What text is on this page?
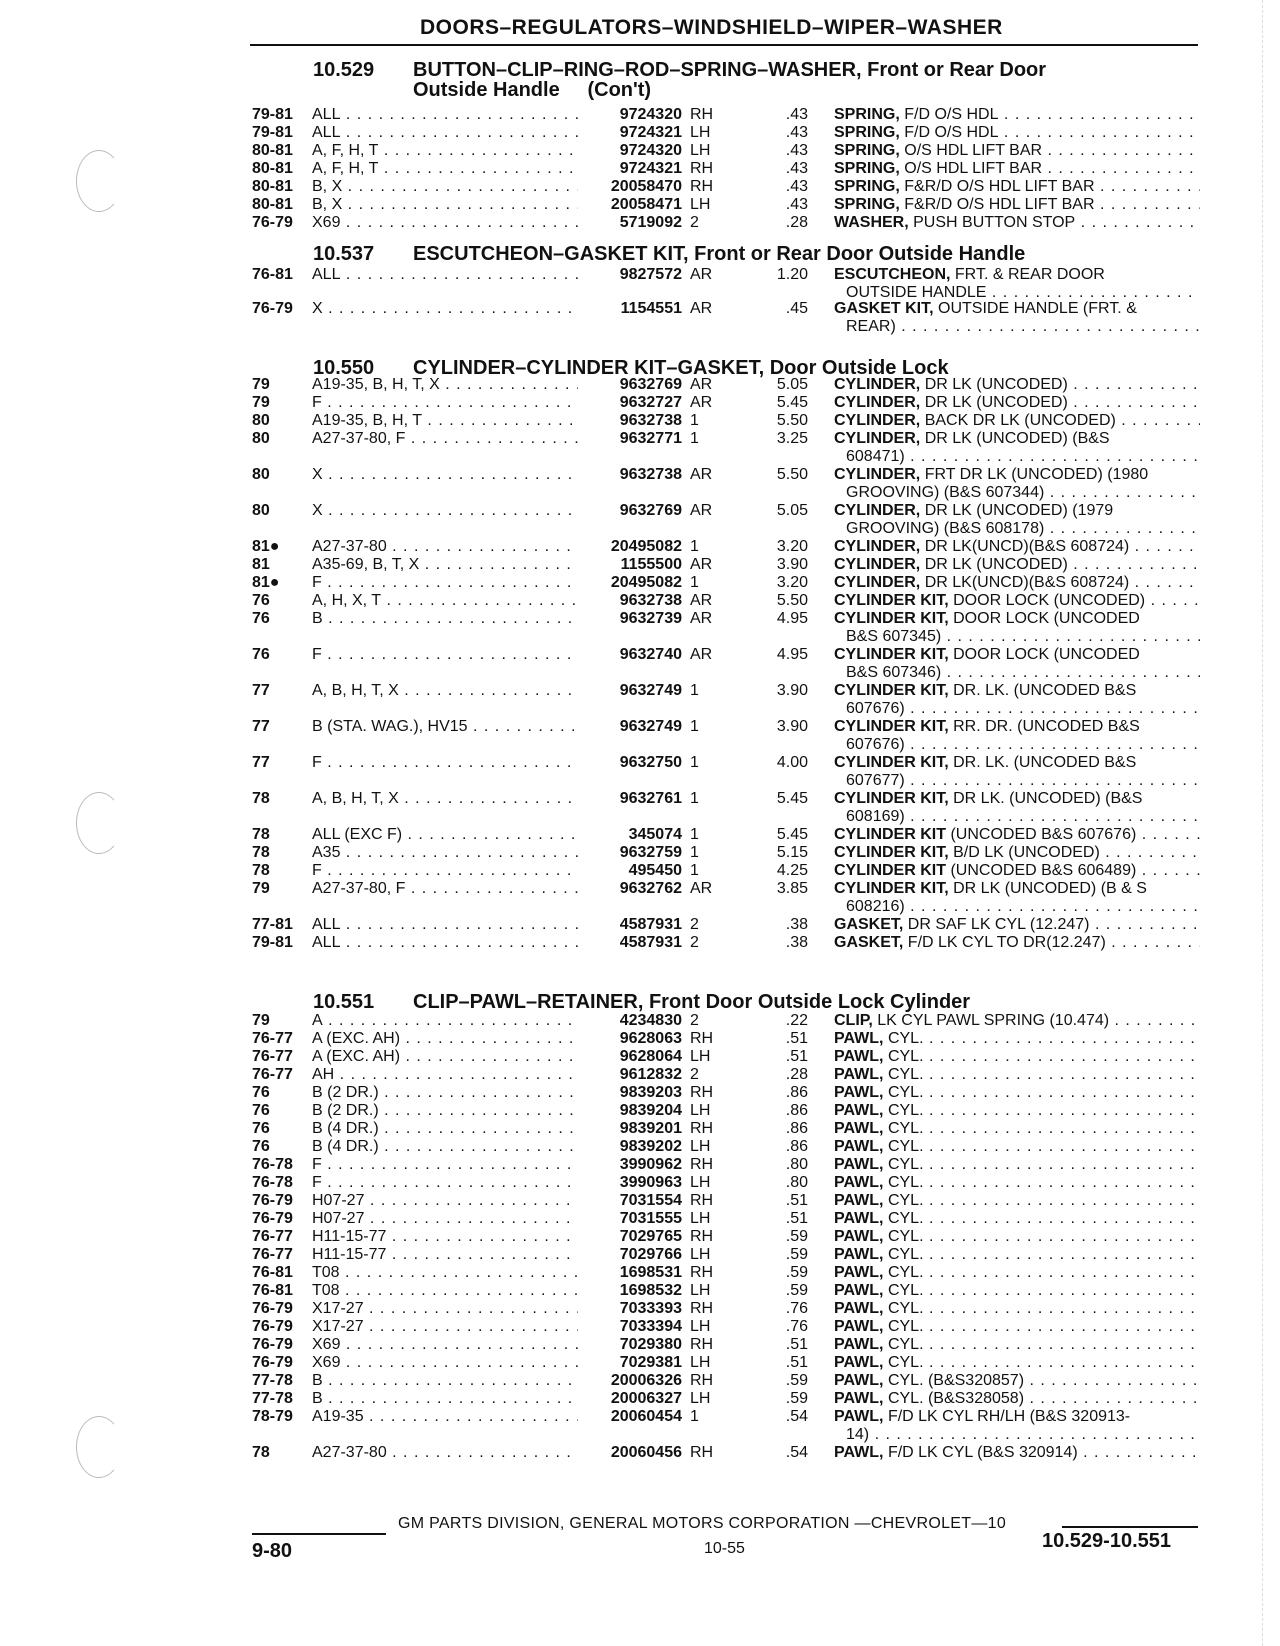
DOORS–REGULATORS–WINDSHIELD–WIPER–WASHER
10.529 BUTTON–CLIP–RING–ROD–SPRING–WASHER, Front or Rear Door
Outside Handle     (Con't)
79-81	ALL . . .	9724320 RH	.43 SPRING, F/D O/S HDL . . .
79-81	ALL . . .	9724321 LH	.43 SPRING, F/D O/S HDL . . .
80-81	A, F, H, T . . .	9724320 LH	.43 SPRING, O/S HDL LIFT BAR . . .
80-81	A, F, H, T . . .	9724321 RH	.43 SPRING, O/S HDL LIFT BAR . . .
80-81	B, X . . .	20058470 RH	.43 SPRING, F&R/D O/S HDL LIFT BAR . . .
80-81	B, X . . .	20058471 LH	.43 SPRING, F&R/D O/S HDL LIFT BAR . . .
76-79	X69 . . .	5719092 2	.28 WASHER, PUSH BUTTON STOP . . .
10.537 ESCUTCHEON–GASKET KIT, Front or Rear Door Outside Handle
76-81	ALL . . .	9827572 AR	1.20 ESCUTCHEON, FRT. & REAR DOOR
OUTSIDE HANDLE . . .
76-79	X . . .	1154551 AR	.45 GASKET KIT, OUTSIDE HANDLE (FRT. &
REAR) . . .
10.550 CYLINDER–CYLINDER KIT–GASKET, Door Outside Lock
79	A19-35, B, H, T, X . . .	9632769 AR	5.05 CYLINDER, DR LK (UNCODED) . . .
79	F . . .	9632727 AR	5.45 CYLINDER, DR LK (UNCODED) . . .
80	A19-35, B, H, T . . .	9632738 1	5.50 CYLINDER, BACK DR LK (UNCODED) . . .
80	A27-37-80, F . . .	9632771 1	3.25 CYLINDER, DR LK (UNCODED) (B&S
608471) . . .
80	X . . .	9632738 AR	5.50 CYLINDER, FRT DR LK (UNCODED) (1980
GROOVING) (B&S 607344) . . .
80	X . . .	9632769 AR	5.05 CYLINDER, DR LK (UNCODED) (1979
GROOVING) (B&S 608178) . . .
81●	A27-37-80 . . .	20495082 1	3.20 CYLINDER, DR LK(UNCD)(B&S 608724) . . .
81	A35-69, B, T, X . . .	1155500 AR	3.90 CYLINDER, DR LK (UNCODED) . . .
81●	F . . .	20495082 1	3.20 CYLINDER, DR LK(UNCD)(B&S 608724) . . .
76	A, H, X, T . . .	9632738 AR	5.50 CYLINDER KIT, DOOR LOCK (UNCODED) . . .
76	B . . .	9632739 AR	4.95 CYLINDER KIT, DOOR LOCK (UNCODED
B&S 607345) . . .
76	F . . .	9632740 AR	4.95 CYLINDER KIT, DOOR LOCK (UNCODED
B&S 607346) . . .
77	A, B, H, T, X . . .	9632749 1	3.90 CYLINDER KIT, DR. LK. (UNCODED B&S
607676) . . .
77	B (STA. WAG.), HV15 . . .	9632749 1	3.90 CYLINDER KIT, RR. DR. (UNCODED B&S
607676) . . .
77	F . . .	9632750 1	4.00 CYLINDER KIT, DR. LK. (UNCODED B&S
607677) . . .
78	A, B, H, T, X . . .	9632761 1	5.45 CYLINDER KIT, DR LK. (UNCODED) (B&S
608169) . . .
78	ALL (EXC F) . . .	345074 1	5.45 CYLINDER KIT (UNCODED B&S 607676) . . .
78	A35 . . .	9632759 1	5.15 CYLINDER KIT, B/D LK (UNCODED) . . .
78	F . . .	495450 1	4.25 CYLINDER KIT (UNCODED B&S 606489) . . .
79	A27-37-80, F . . .	9632762 AR	3.85 CYLINDER KIT, DR LK (UNCODED) (B & S
608216) . . .
77-81	ALL . . .	4587931 2	.38 GASKET, DR SAF LK CYL (12.247) . . .
79-81	ALL . . .	4587931 2	.38 GASKET, F/D LK CYL TO DR(12.247) . . .
10.551 CLIP–PAWL–RETAINER, Front Door Outside Lock Cylinder
79	A . . .	4234830 2	.22 CLIP, LK CYL PAWL SPRING (10.474) . . .
76-77	A (EXC. AH) . . .	9628063 RH	.51 PAWL, CYL. . . .
76-77	A (EXC. AH) . . .	9628064 LH	.51 PAWL, CYL. . . .
76-77	AH . . .	9612832 2	.28 PAWL, CYL. . . .
76	B (2 DR.) . . .	9839203 RH	.86 PAWL, CYL. . . .
76	B (2 DR.) . . .	9839204 LH	.86 PAWL, CYL. . . .
76	B (4 DR.) . . .	9839201 RH	.86 PAWL, CYL. . . .
76	B (4 DR.) . . .	9839202 LH	.86 PAWL, CYL. . . .
76-78	F . . .	3990962 RH	.80 PAWL, CYL. . . .
76-78	F . . .	3990963 LH	.80 PAWL, CYL. . . .
76-79	H07-27 . . .	7031554 RH	.51 PAWL, CYL. . . .
76-79	H07-27 . . .	7031555 LH	.51 PAWL, CYL. . . .
76-77	H11-15-77 . . .	7029765 RH	.59 PAWL, CYL. . . .
76-77	H11-15-77 . . .	7029766 LH	.59 PAWL, CYL. . . .
76-81	T08 . . .	1698531 RH	.59 PAWL, CYL. . . .
76-81	T08 . . .	1698532 LH	.59 PAWL, CYL. . . .
76-79	X17-27 . . .	7033393 RH	.76 PAWL, CYL. . . .
76-79	X17-27 . . .	7033394 LH	.76 PAWL, CYL. . . .
76-79	X69 . . .	7029380 RH	.51 PAWL, CYL. . . .
76-79	X69 . . .	7029381 LH	.51 PAWL, CYL. . . .
77-78	B . . .	20006326 RH	.59 PAWL, CYL. (B&S320857) . . .
77-78	B . . .	20006327 LH	.59 PAWL, CYL. (B&S328058) . . .
78-79	A19-35 . . .	20060454 1	.54 PAWL, F/D LK CYL RH/LH (B&S 320913-
14) . . .
78	A27-37-80 . . .	20060456 RH	.54 PAWL, F/D LK CYL (B&S 320914) . . .
GM PARTS DIVISION, GENERAL MOTORS CORPORATION —CHEVROLET—10
9-80	10-55	10.529-10.551
